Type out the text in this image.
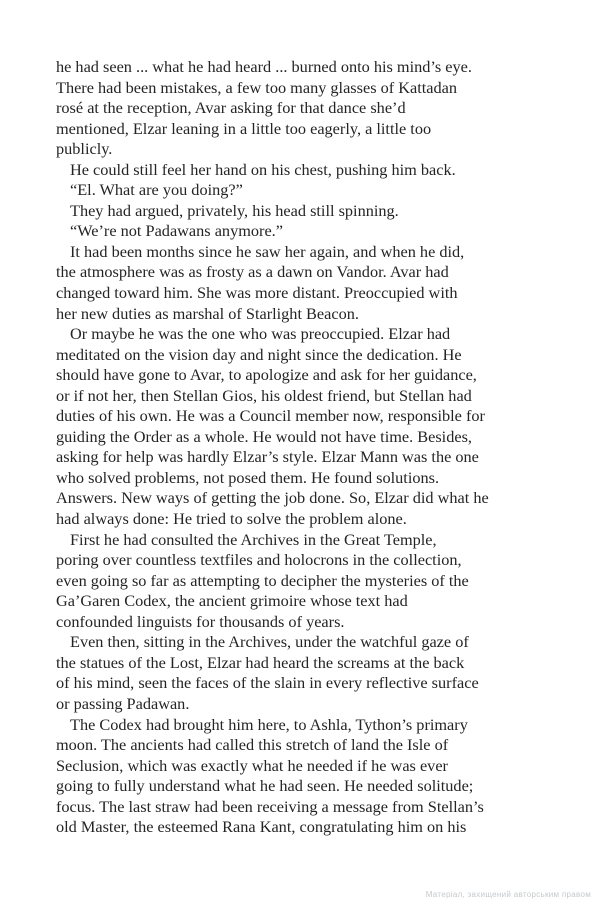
he had seen ... what he had heard ... burned onto his mind’s eye.
There had been mistakes, a few too many glasses of Kattadan
rosé at the reception, Avar asking for that dance she’d
mentioned, Elzar leaning in a little too eagerly, a little too
publicly.
He could still feel her hand on his chest, pushing him back.
“El. What are you doing?”
They had argued, privately, his head still spinning.
“We’re not Padawans anymore.”
It had been months since he saw her again, and when he did,
the atmosphere was as frosty as a dawn on Vandor. Avar had
changed toward him. She was more distant. Preoccupied with
her new duties as marshal of Starlight Beacon.
Or maybe he was the one who was preoccupied. Elzar had
meditated on the vision day and night since the dedication. He
should have gone to Avar, to apologize and ask for her guidance,
or if not her, then Stellan Gios, his oldest friend, but Stellan had
duties of his own. He was a Council member now, responsible for
guiding the Order as a whole. He would not have time. Besides,
asking for help was hardly Elzar’s style. Elzar Mann was the one
who solved problems, not posed them. He found solutions.
Answers. New ways of getting the job done. So, Elzar did what he
had always done: He tried to solve the problem alone.
First he had consulted the Archives in the Great Temple,
poring over countless textfiles and holocrons in the collection,
even going so far as attempting to decipher the mysteries of the
Ga’Garen Codex, the ancient grimoire whose text had
confounded linguists for thousands of years.
Even then, sitting in the Archives, under the watchful gaze of
the statues of the Lost, Elzar had heard the screams at the back
of his mind, seen the faces of the slain in every reflective surface
or passing Padawan.
The Codex had brought him here, to Ashla, Tython’s primary
moon. The ancients had called this stretch of land the Isle of
Seclusion, which was exactly what he needed if he was ever
going to fully understand what he had seen. He needed solitude;
focus. The last straw had been receiving a message from Stellan’s
old Master, the esteemed Rana Kant, congratulating him on his
Матеріал, захищений авторським правом
